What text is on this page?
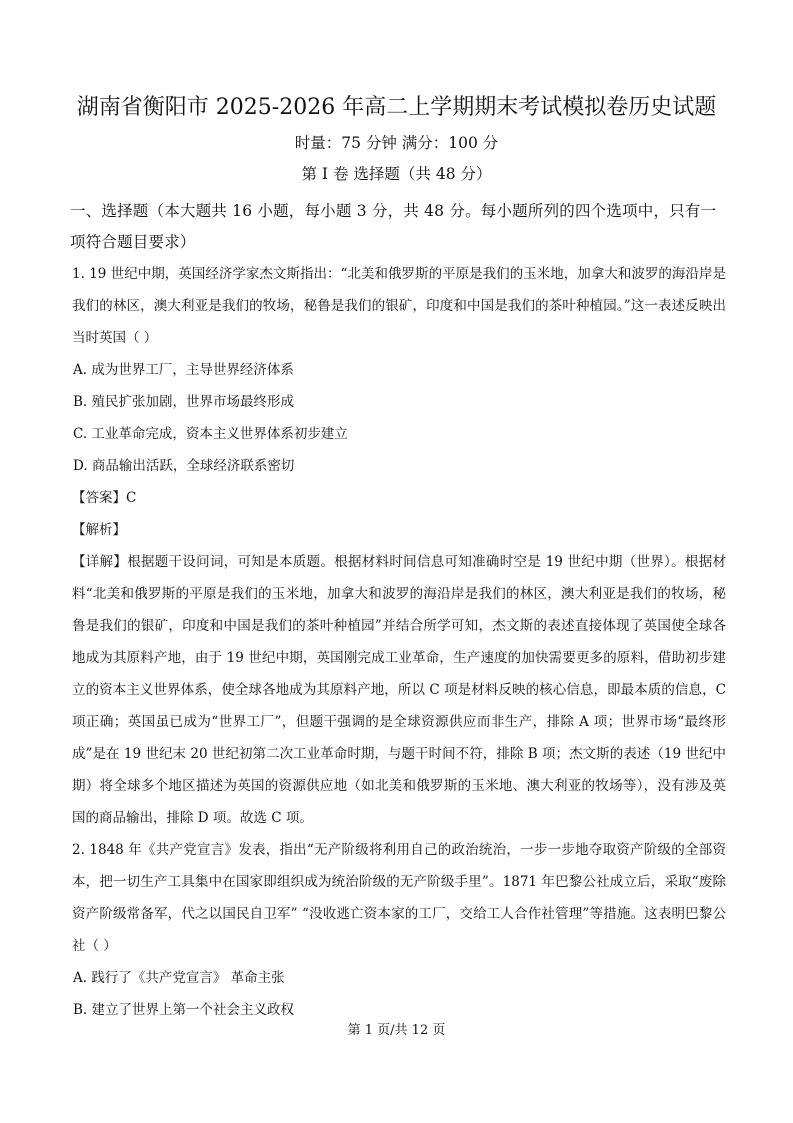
湖南省衡阳市 2025-2026 年高二上学期期末考试模拟卷历史试题
时量：75 分钟 满分：100 分
第 I 卷 选择题（共 48 分）
一、选择题（本大题共 16 小题，每小题 3 分，共 48 分。每小题所列的四个选项中，只有一项符合题目要求）

1. 19 世纪中期，英国经济学家杰文斯指出：“北美和俄罗斯的平原是我们的玉米地，加拿大和波罗的海沿岸是我们的林区，澳大利亚是我们的牧场，秘鲁是我们的银矿，印度和中国是我们的茶叶种植园。”这一表述反映出当时英国（ ）

A. 成为世界工厂，主导世界经济体系

B. 殖民扩张加剧，世界市场最终形成

C. 工业革命完成，资本主义世界体系初步建立

D. 商品输出活跃，全球经济联系密切

【答案】C

【解析】

【详解】根据题干设问词，可知是本质题。根据材料时间信息可知准确时空是 19 世纪中期（世界）。根据材料“北美和俄罗斯的平原是我们的玉米地，加拿大和波罗的海沿岸是我们的林区，澳大利亚是我们的牧场，秘鲁是我们的银矿，印度和中国是我们的茶叶种植园”并结合所学可知，杰文斯的表述直接体现了英国使全球各地成为其原料产地，由于 19 世纪中期，英国刚完成工业革命，生产速度的加快需要更多的原料，借助初步建立的资本主义世界体系，使全球各地成为其原料产地，所以 C 项是材料反映的核心信息，即最本质的信息，C 项正确；英国虽已成为“世界工厂”，但题干强调的是全球资源供应而非生产，排除 A 项；世界市场“最终形成”是在 19 世纪末 20 世纪初第二次工业革命时期，与题干时间不符，排除 B 项；杰文斯的表述（19 世纪中期）将全球多个地区描述为英国的资源供应地（如北美和俄罗斯的玉米地、澳大利亚的牧场等），没有涉及英国的商品输出，排除 D 项。故选 C 项。

2. 1848 年《共产党宣言》发表，指出“无产阶级将利用自己的政治统治，一步一步地夺取资产阶级的全部资本，把一切生产工具集中在国家即组织成为统治阶级的无产阶级手里”。1871 年巴黎公社成立后，采取“废除资产阶级常备军，代之以国民自卫军” “没收逃亡资本家的工厂，交给工人合作社管理”等措施。这表明巴黎公社（ ）

A. 践行了《共产党宣言》 革命主张

B. 建立了世界上第一个社会主义政权

第 1 页/共 12 页
